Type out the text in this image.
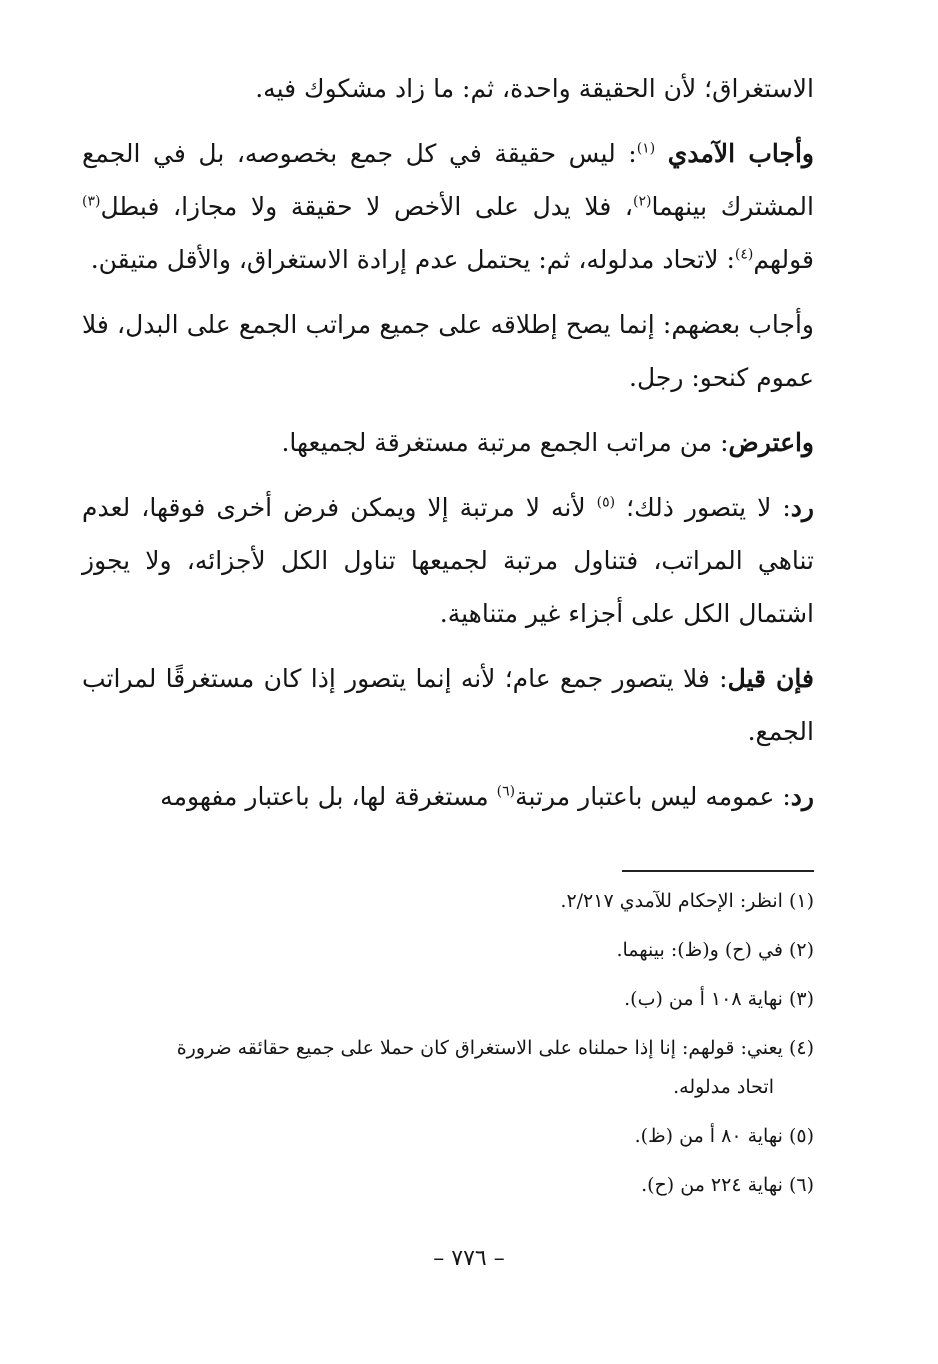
الاستغراق؛ لأن الحقيقة واحدة، ثم: ما زاد مشكوك فيه.

وأجاب الآمدي $^{(١)}$: ليس حقيقة في كل جمع بخصوصه، بل في الجمع المشترك بينهما$^{(٢)}$، فلا يدل على الأخص لا حقيقة ولا مجازا، فبطل$^{(٣)}$ قولهم$^{(٤)}$: لاتحاد مدلوله، ثم: يحتمل عدم إرادة الاستغراق، والأقل متيقن.

وأجاب بعضهم: إنما يصح إطلاقه على جميع مراتب الجمع على البدل، فلا عموم كنحو: رجل.

واعترض: من مراتب الجمع مرتبة مستغرقة لجميعها.

رد: لا يتصور ذلك؛ $^{(٥)}$ لأنه لا مرتبة إلا ويمكن فرض أخرى فوقها، لعدم تناهي المراتب، فتناول مرتبة لجميعها تناول الكل لأجزائه، ولا يجوز اشتمال الكل على أجزاء غير متناهية.

فإن قيل: فلا يتصور جمع عام؛ لأنه إنما يتصور إذا كان مستغرقًا لمراتب الجمع.

رد: عمومه ليس باعتبار مرتبة$^{(٦)}$ مستغرقة لها، بل باعتبار مفهومه

(١) انظر: الإحكام للآمدي ٢/٢١٧.

(٢) في (ح) و(ظ): بينهما.

(٣) نهاية ١٠٨ أ من (ب).

(٤) يعني: قولهم: إنا إذا حملناه على الاستغراق كان حملا على جميع حقائقه ضرورة
اتحاد مدلوله.

(٥) نهاية ٨٠ أ من (ظ).

(٦) نهاية ٢٢٤ من (ح).

– ٧٧٦ –
